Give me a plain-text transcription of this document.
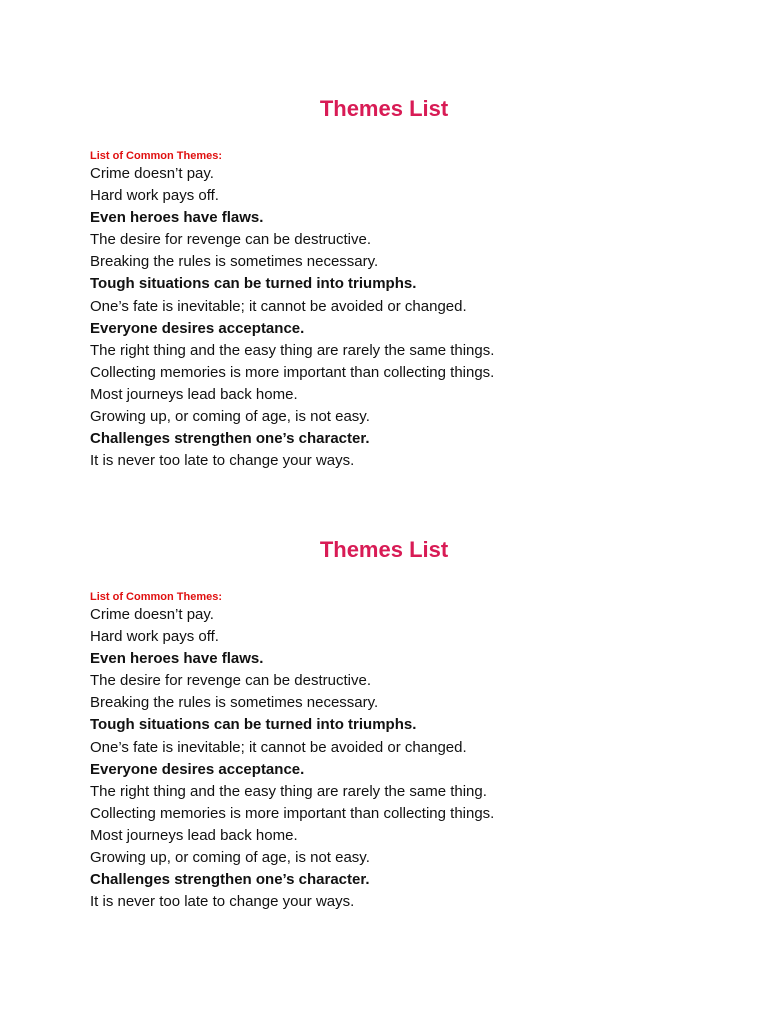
Themes List
List of Common Themes:
Crime doesn’t pay.
Hard work pays off.
Even heroes have flaws.
The desire for revenge can be destructive.
Breaking the rules is sometimes necessary.
Tough situations can be turned into triumphs.
One’s fate is inevitable; it cannot be avoided or changed.
Everyone desires acceptance.
The right thing and the easy thing are rarely the same things.
Collecting memories is more important than collecting things.
Most journeys lead back home.
Growing up, or coming of age, is not easy.
Challenges strengthen one’s character.
It is never too late to change your ways.
Themes List
List of Common Themes:
Crime doesn’t pay.
Hard work pays off.
Even heroes have flaws.
The desire for revenge can be destructive.
Breaking the rules is sometimes necessary.
Tough situations can be turned into triumphs.
One’s fate is inevitable; it cannot be avoided or changed.
Everyone desires acceptance.
The right thing and the easy thing are rarely the same thing.
Collecting memories is more important than collecting things.
Most journeys lead back home.
Growing up, or coming of age, is not easy.
Challenges strengthen one’s character.
It is never too late to change your ways.
